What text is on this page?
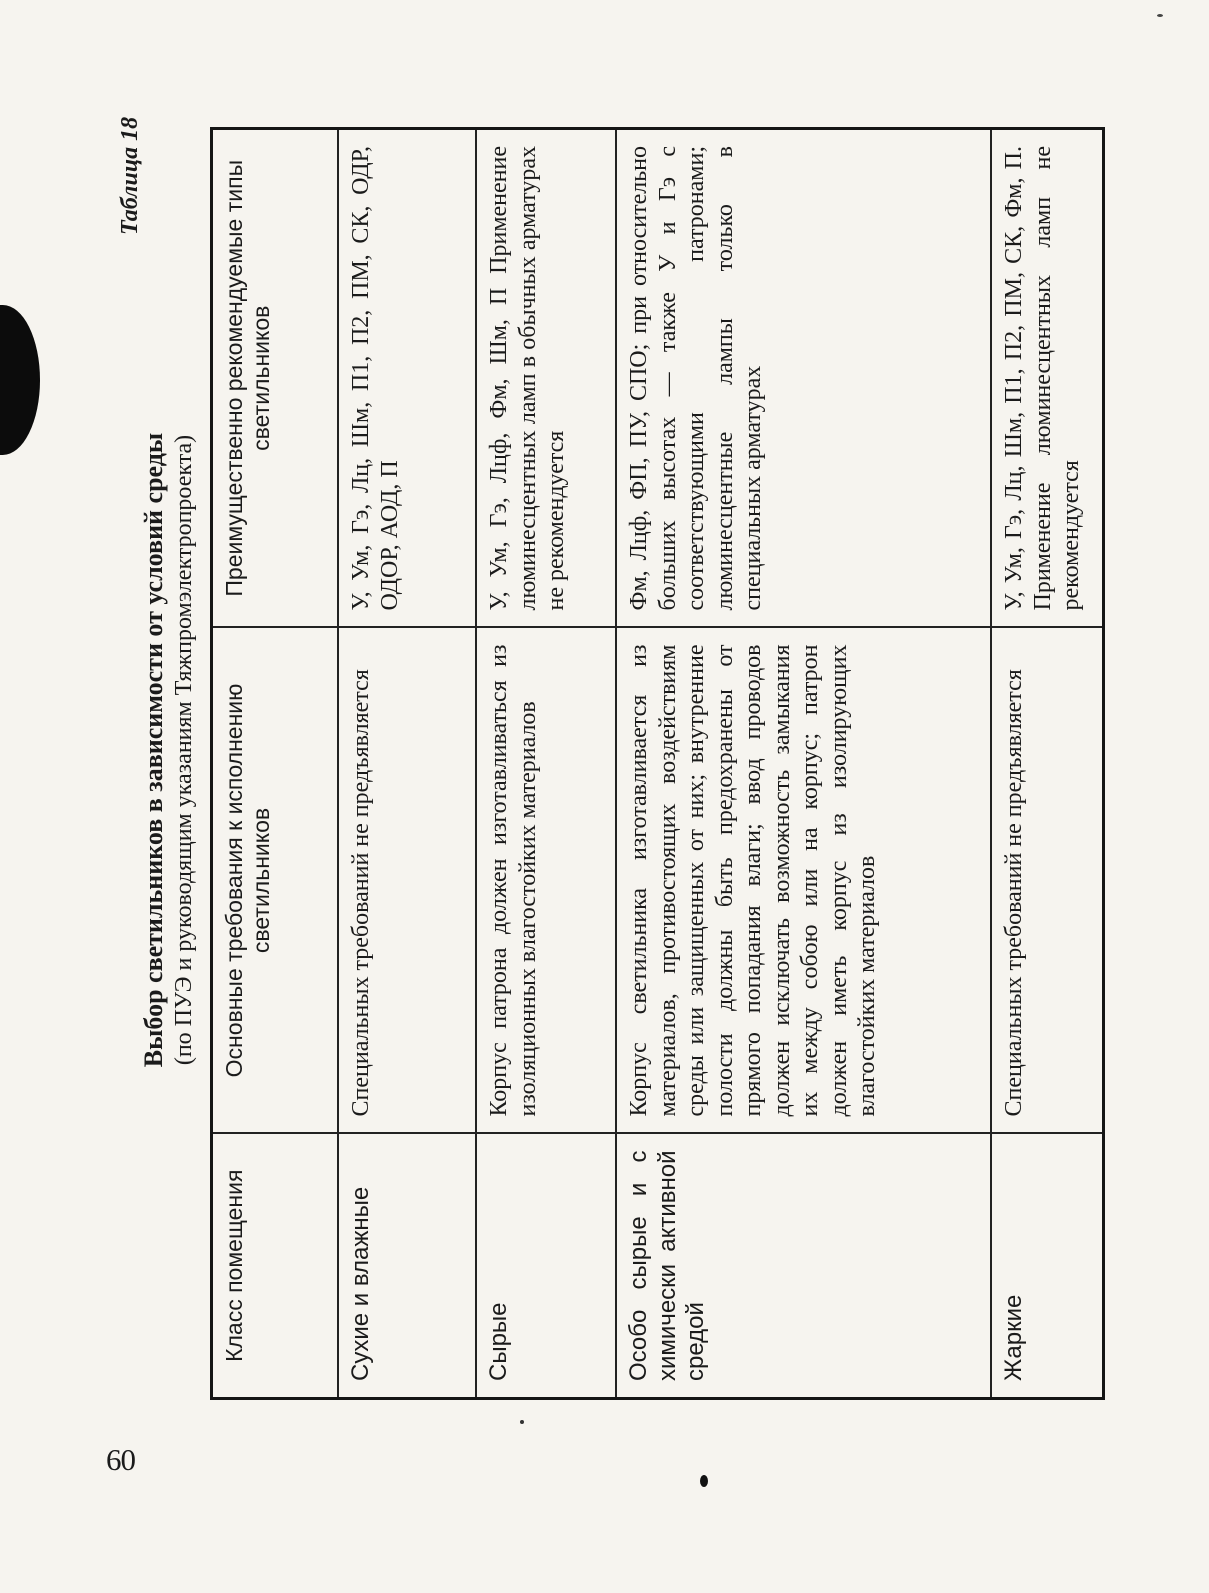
60
Таблица 18

Выбор светильников в зависимости от условий среды (по ПУЭ и руководящим указаниям Тяжпромэлектропроекта)

Класс помещения	Основные требования к исполнению светильников	Преимущественно рекомендуемые типы светильников
Сухие и влажные	Специальных требований не предъявляется	У, Ум, Гэ, Лц, Шм, П1, П2, ПМ, СК, ОДР, ОДОР, АОД, П
Сырые	Корпус патрона должен изготавливаться из изоляционных влагостойких материалов	У, Ум, Гэ, Лцф, Фм, Шм, П Применение люминесцентных ламп в обычных арматурах не рекомендуется
Особо сырые и с химически активной средой	Корпус светильника изготавливается из материалов, противостоящих воздействиям среды или защищенных от них; внутренние полости должны быть предохранены от прямого попадания влаги; ввод проводов должен исключать возможность замыкания их между собою или на корпус; патрон должен иметь корпус из изолирующих влагостойких материалов	Фм, Лцф, ФП, ПУ, СПО; при относительно больших высотах — также У и Гэ с соответствующими патронами; люминесцентные лампы только в специальных арматурах
Жаркие	Специальных требований не предъявляется	У, Ум, Гэ, Лц, Шм, П1, П2, ПМ, СК, Фм, П. Применение люминесцентных ламп не рекомендуется
